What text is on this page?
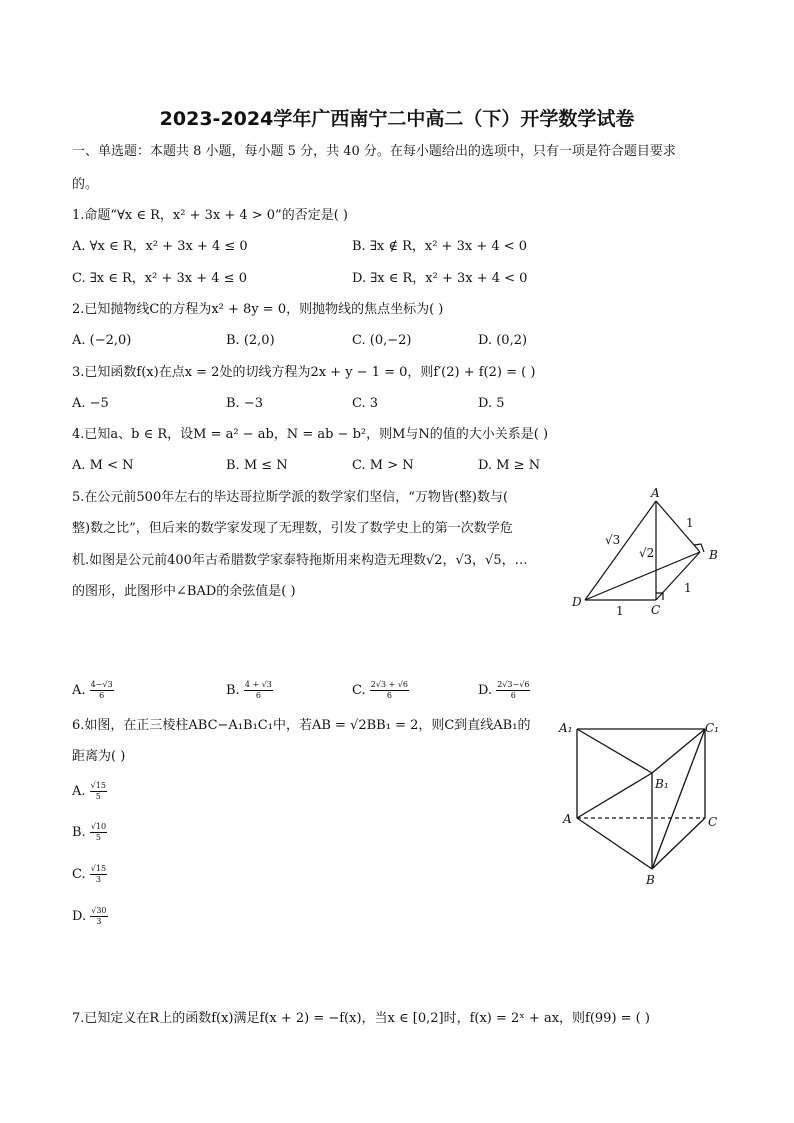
2023-2024学年广西南宁二中高二（下）开学数学试卷
一、单选题：本题共 8 小题，每小题 5 分，共 40 分。在每小题给出的选项中，只有一项是符合题目要求
的。
1.命题“∀x ∈ R，x² + 3x + 4 > 0”的否定是( )
A. ∀x ∈ R，x² + 3x + 4 ≤ 0	B. ∃x ∉ R，x² + 3x + 4 < 0
C. ∃x ∈ R，x² + 3x + 4 ≤ 0	D. ∃x ∈ R，x² + 3x + 4 < 0
2.已知抛物线C的方程为x² + 8y = 0，则抛物线的焦点坐标为( )
A. (−2,0)	B. (2,0)	C. (0,−2)	D. (0,2)
3.已知函数f(x)在点x = 2处的切线方程为2x + y − 1 = 0，则f′(2) + f(2) = ( )
A. −5	B. −3	C. 3	D. 5
4.已知a、b ∈ R，设M = a² − ab，N = ab − b²，则M与N的值的大小关系是( )
A. M < N	B. M ≤ N	C. M > N	D. M ≥ N
5.在公元前500年左右的毕达哥拉斯学派的数学家们坚信，“万物皆(整)数与(
整)数之比”，但后来的数学家发现了无理数，引发了数学史上的第一次数学危
机.如图是公元前400年古希腊数学家泰特拖斯用来构造无理数√2，√3，√5，…
的图形，此图形中∠BAD的余弦值是( )
A
B
C
D
1
1
1
√3
√2
A. $\frac{4-√3}{6}$	B. $\frac{4 + √3}{6}$	C. $\frac{2√3 + √6}{6}$	D. $\frac{2√3-√6}{6}$
6.如图，在正三棱柱ABC−A₁B₁C₁中，若AB = √2BB₁ = 2，则C到直线AB₁的
距离为( )
A. $\frac{√15}{5}$
B. $\frac{√10}{5}$
C. $\frac{√15}{3}$
D. $\frac{√30}{3}$
A₁	C₁
B₁
A	C
B
7.已知定义在R上的函数f(x)满足f(x + 2) = −f(x)，当x ∈ [0,2]时，f(x) = 2ˣ + ax，则f(99) = ( )
